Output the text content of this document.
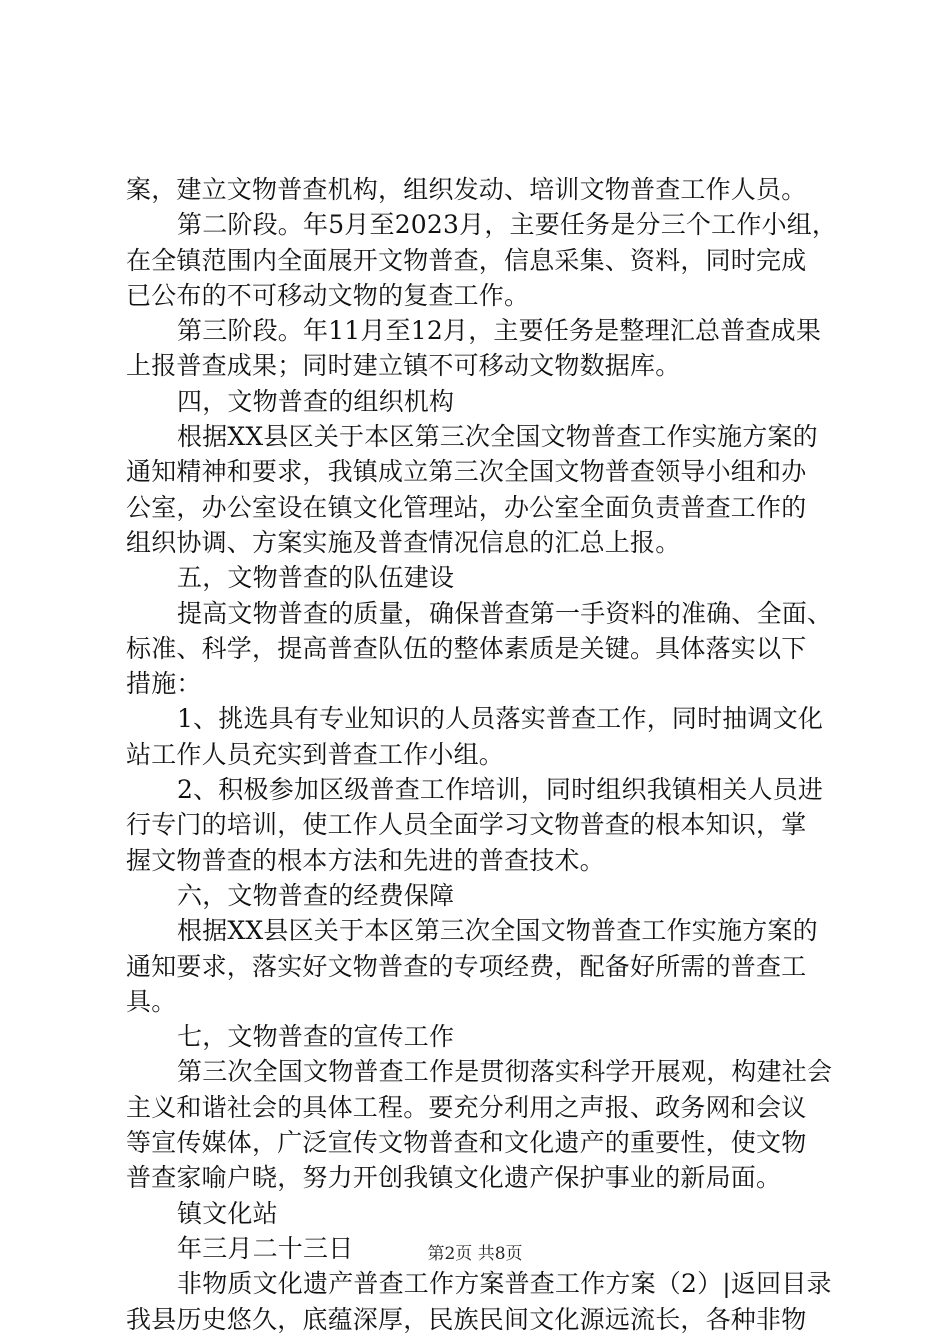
案，建立文物普查机构，组织发动、培训文物普查工作人员。
第二阶段。年5月至2023月，主要任务是分三个工作小组，
在全镇范围内全面展开文物普查，信息采集、资料，同时完成
已公布的不可移动文物的复查工作。
第三阶段。年11月至12月，主要任务是整理汇总普查成果
上报普查成果；同时建立镇不可移动文物数据库。
四，文物普查的组织机构
根据XX县区关于本区第三次全国文物普查工作实施方案的
通知精神和要求，我镇成立第三次全国文物普查领导小组和办
公室，办公室设在镇文化管理站，办公室全面负责普查工作的
组织协调、方案实施及普查情况信息的汇总上报。
五，文物普查的队伍建设
提高文物普查的质量，确保普查第一手资料的准确、全面、
标准、科学，提高普查队伍的整体素质是关键。具体落实以下
措施：
1、挑选具有专业知识的人员落实普查工作，同时抽调文化
站工作人员充实到普查工作小组。
2、积极参加区级普查工作培训，同时组织我镇相关人员进
行专门的培训，使工作人员全面学习文物普查的根本知识，掌
握文物普查的根本方法和先进的普查技术。
六，文物普查的经费保障
根据XX县区关于本区第三次全国文物普查工作实施方案的
通知要求，落实好文物普查的专项经费，配备好所需的普查工
具。
七，文物普查的宣传工作
第三次全国文物普查工作是贯彻落实科学开展观，构建社会
主义和谐社会的具体工程。要充分利用之声报、政务网和会议
等宣传媒体，广泛宣传文物普查和文化遗产的重要性，使文物
普查家喻户晓，努力开创我镇文化遗产保护事业的新局面。
镇文化站
年三月二十三日
非物质文化遗产普查工作方案普查工作方案（2）|返回目录
我县历史悠久，底蕴深厚，民族民间文化源远流长，各种非物
第2页 共8页
